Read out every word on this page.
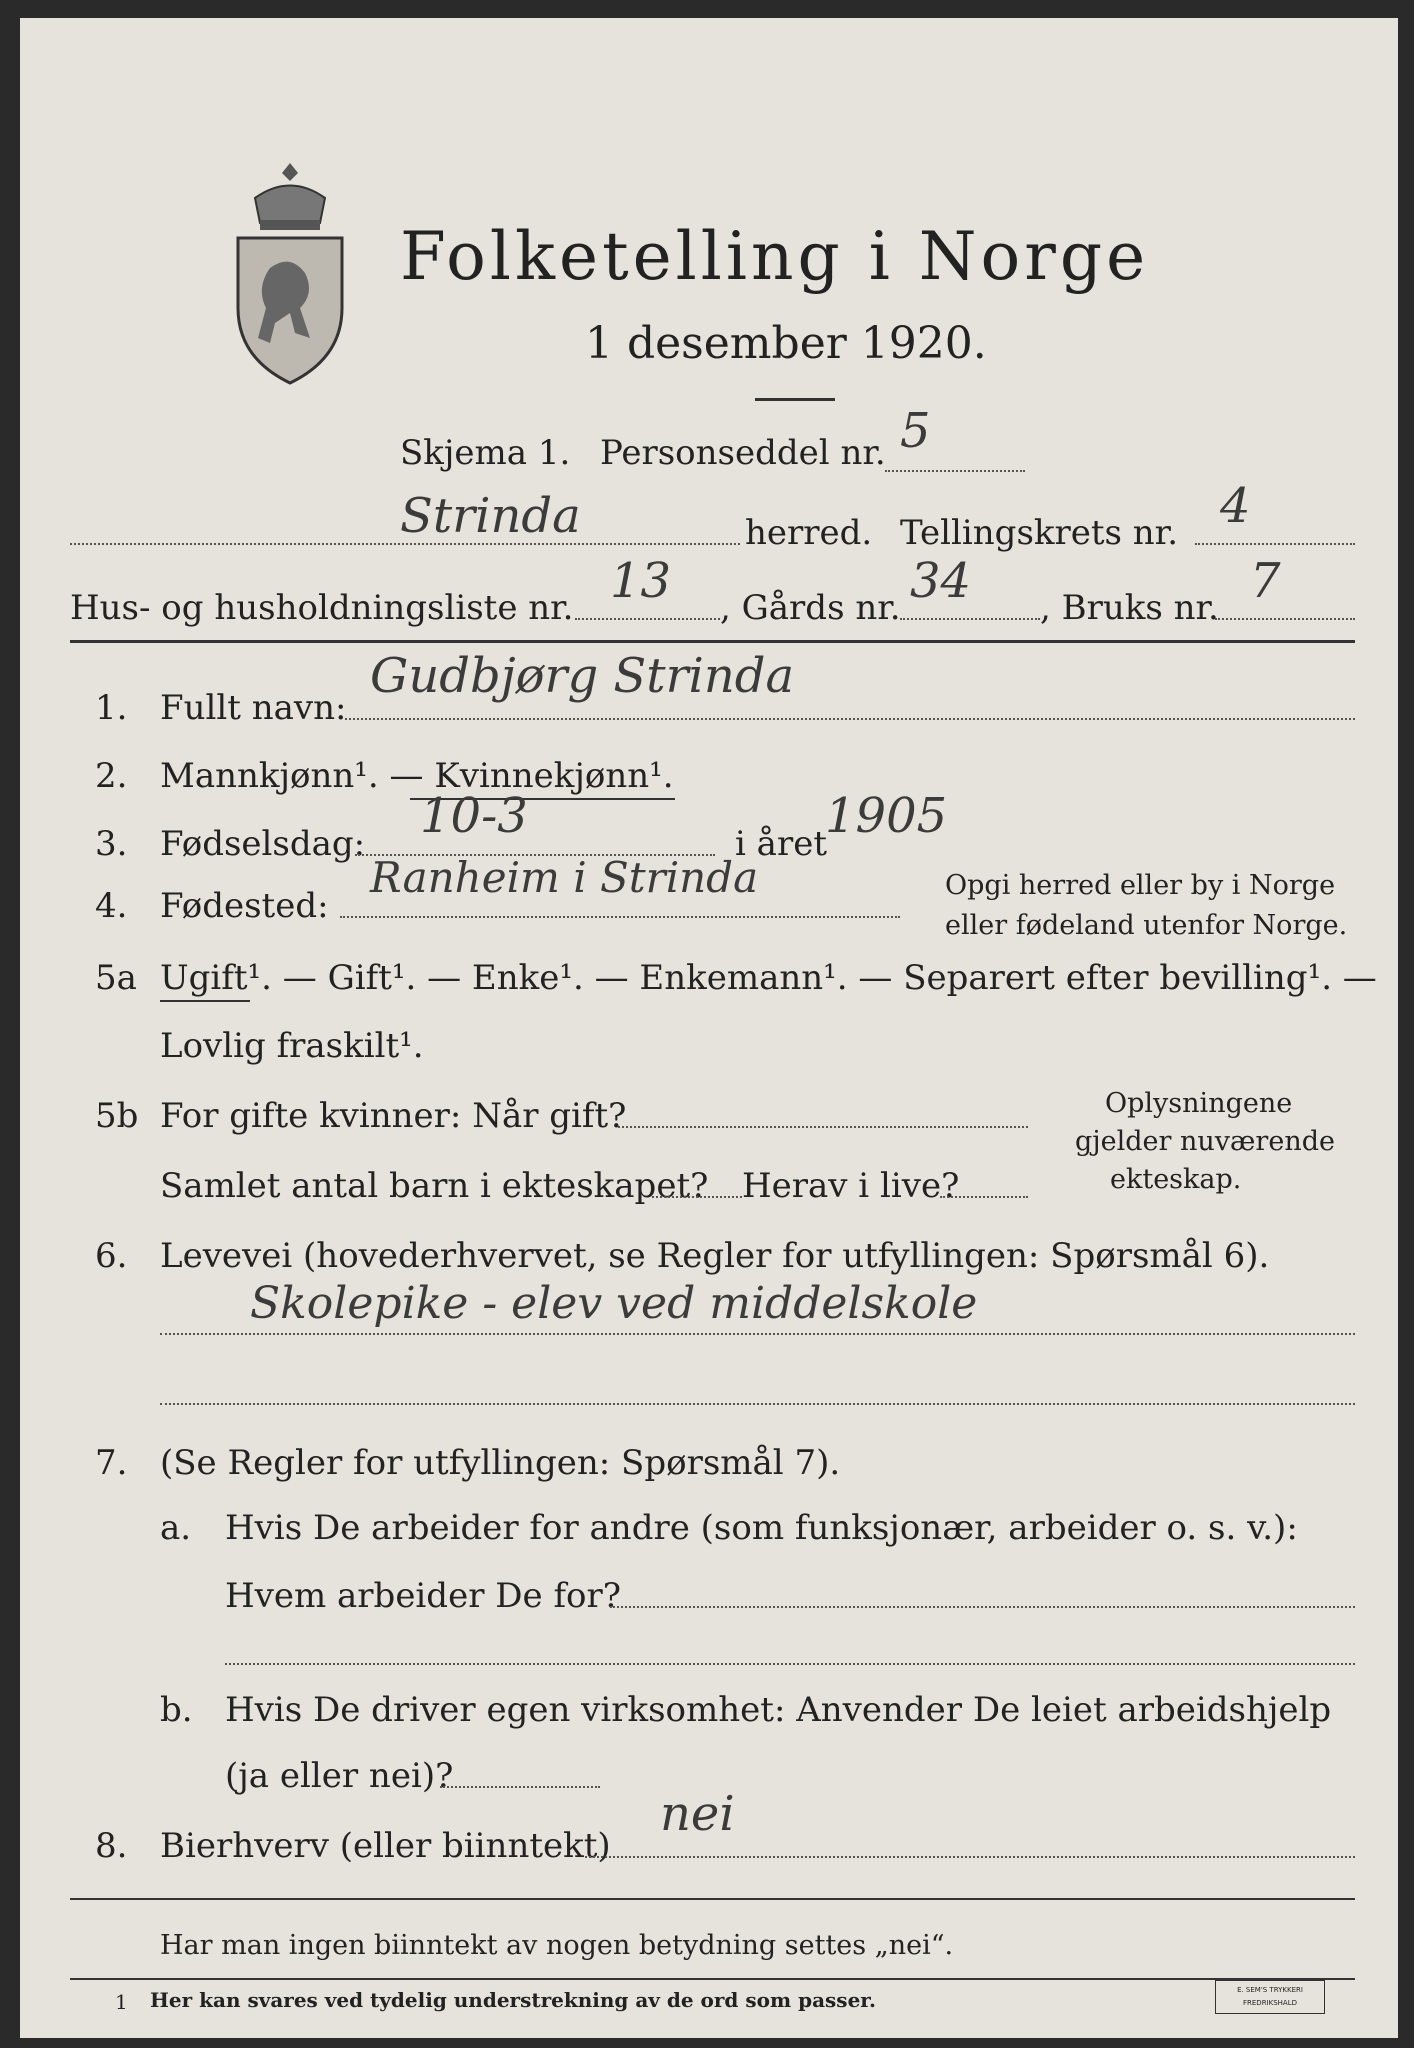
Folketelling i Norge
1 desember 1920.
Skjema 1. Personseddel nr. 5
Strinda	herred. Tellingskrets nr. 4
Hus- og husholdningsliste nr. 13 , Gårds nr. 34 , Bruks nr. 7
1. Fullt navn:
Gudbjørg Strinda
2. Mannkjønn¹. — Kvinnekjønn¹.
3. Fødselsdag: 10-3	i året
1905
4. Fødested:
Ranheim i Strinda	Opgi herred eller by i Norge
eller fødeland utenfor Norge.
5a Ugift¹. — Gift¹. — Enke¹. — Enkemann¹. — Separert efter bevilling¹. —
Lovlig fraskilt¹.
5b For gifte kvinner: Når gift?
Samlet antal barn i ekteskapet? Herav i live?
Oplysningene
gjelder nuværende
ekteskap.
6. Levevei (hovederhvervet, se Regler for utfyllingen: Spørsmål 6).
Skolepike - elev ved middelskole
7. (Se Regler for utfyllingen: Spørsmål 7).
a. Hvis De arbeider for andre (som funksjonær, arbeider o. s. v.):
Hvem arbeider De for?
b. Hvis De driver egen virksomhet: Anvender De leiet arbeidshjelp
(ja eller nei)?
8. Bierhverv (eller biinntekt)
nei
Har man ingen biinntekt av nogen betydning settes „nei“.
1 Her kan svares ved tydelig understrekning av de ord som passer.	E. SEM'S TRYKKERI
FREDRIKSHALD
